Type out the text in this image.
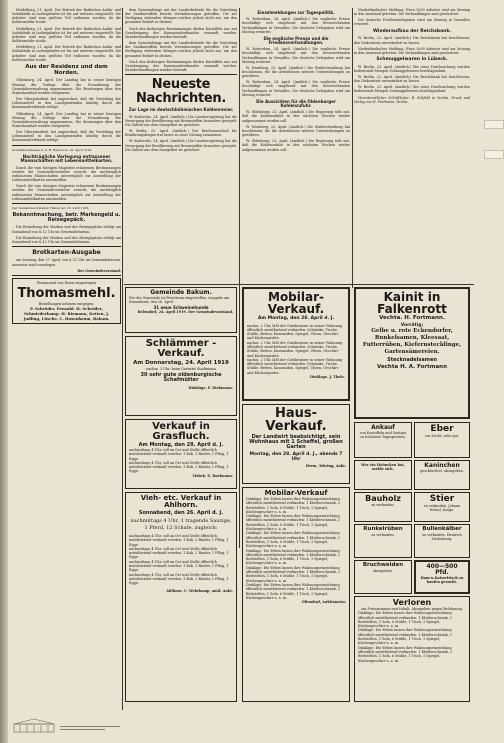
Heidelberg, 21. April. Der Betrieb der Badischen Anilin- und Sodafabrik in Ludwigshafen ist bis auf weiteres eingestellt. Die Arbeiter sind zum größten Teil entlassen worden, da die Kohlenzufuhr stockt.

Heidelberg, 21. April. Der Betrieb der Badischen Anilin- und Sodafabrik in Ludwigshafen ist bis auf weiteres eingestellt. Die Arbeiter sind zum größten Teil entlassen worden, da die Kohlenzufuhr stockt.

Heidelberg, 21. April. Der Betrieb der Badischen Anilin- und Sodafabrik in Ludwigshafen ist bis auf weiteres eingestellt. Die Arbeiter sind zum größten Teil entlassen worden, da die Kohlenzufuhr stockt.

Aus der Residenz und dem Norden.

Oldenburg, 24. April. Der Landtag hat in seiner heutigen Sitzung die Vorlage über die Neuordnung der Gemeindeverwaltung angenommen. Die Beratungen über den Staatshaushalt werden fortgesetzt.

Der Oberpräsident hat angeordnet, daß die Verteilung der Lebensmittel in den Landgemeinden künftig durch die Kommunalverbände erfolgt.

Oldenburg, 24. April. Der Landtag hat in seiner heutigen Sitzung die Vorlage über die Neuordnung der Gemeindeverwaltung angenommen. Die Beratungen über den Staatshaushalt werden fortgesetzt.

Der Oberpräsident hat angeordnet, daß die Verteilung der Lebensmittel in den Landgemeinden künftig durch die Kommunalverbände erfolgt.

Grundsteuerkasse Z. A. B. Hannover, 16. April 1919.
Nachträgliche Verlegung entlassener Mannschaften mit Lebensmittelkarten.

Durch die vom hiesigen Magistrat erlassenen Bestimmungen werden die Gemeindevorsteher ersucht, die nachträglich entlassenen Mannschaften unverzüglich zur Ausstellung der Lebensmittelkarten anzumelden.

Durch die vom hiesigen Magistrat erlassenen Bestimmungen werden die Gemeindevorsteher ersucht, die nachträglich entlassenen Mannschaften unverzüglich zur Ausstellung der Lebensmittelkarten anzumelden.

Der Gemeindevorsteher, Hannover, 16. April 1919.
Bekanntmachung, betr. Markengeld u. Reisegepäck.

Die Einziehung der Marken und des Reisegepäcks erfolgt am Sonnabend von 8–12 Uhr im Gemeindebureau.

Die Einziehung der Marken und des Reisegepäcks erfolgt am Sonnabend von 8–12 Uhr im Gemeindebureau.

Brotkarten-Ausgabe

am Sonntag, den 27. April, von 8–12 Uhr im Gemeindebureau. Ausweise sind vorzulegen.

Der Gemeindevorstand.
Eintausend von Eisen eingetragen
Thomasmehl.
Bestellungen nehmen entgegen:
P. Schröder, Penzahl. H. Schröder, Schmiederkamp. H. Riemann, Ketten. J. Judling, Lüsche. C. Hosenbaum, Bakum.

dem Gemeindetage mit der Landesbehörde für die Verteilung der Saatkartoffeln bereits Vereinbarungen getroffen. Die zur Verfügung stehenden Mengen reichen jedoch nicht aus, um den gesamten Bedarf zu decken.

Nach den bisherigen Bestimmungen dürfen Kartoffeln nur mit Genehmigung des Kommunalverbandes versandt werden. Zuwiderhandlungen werden bestraft.

dem Gemeindetage mit der Landesbehörde für die Verteilung der Saatkartoffeln bereits Vereinbarungen getroffen. Die zur Verfügung stehenden Mengen reichen jedoch nicht aus, um den gesamten Bedarf zu decken.

Nach den bisherigen Bestimmungen dürfen Kartoffeln nur mit Genehmigung des Kommunalverbandes versandt werden. Zuwiderhandlungen werden bestraft.

Neueste Nachrichten.
Zur Lage im deutschböhmischen Kohlenrevier.

W. Karlsruhe, 24. April. (Amtlich.) Die Landesregierung hat die Versorgung der Bevölkerung mit Brennstoffen besonders geregelt. Die Zufuhr aus dem Saargebiet ist gesichert.

W. Berlin, 25. April. (Amtlich.) Der Reichsausschuß für Ernährungsfragen trat heute zu einer Sitzung zusammen.

W. Karlsruhe, 24. April. (Amtlich.) Die Landesregierung hat die Versorgung der Bevölkerung mit Brennstoffen besonders geregelt. Die Zufuhr aus dem Saargebiet ist gesichert.

Einzelmeldungen zur Tagespolitik.

W. Rotterdam, 24. April. (Amtlich.) Die englische Presse beschäftigt sich eingehend mit den bevorstehenden Verhandlungen in Versailles. Die deutsche Delegation wird am Montag erwartet.

Die englische Presse und die Friedensverhandlungen.

W. Rotterdam, 24. April. (Amtlich.) Die englische Presse beschäftigt sich eingehend mit den bevorstehenden Verhandlungen in Versailles. Die deutsche Delegation wird am Montag erwartet.

W. Nürnberg, 23. April. (Amtlich.) Die Stadtverwaltung hat beschlossen, für die Arbeitslosen weitere Unterstützungen zu gewähren.

W. Rotterdam, 24. April. (Amtlich.) Die englische Presse beschäftigt sich eingehend mit den bevorstehenden Verhandlungen in Versailles. Die deutsche Delegation wird am Montag erwartet.

Die Aussichten für die Oldenburger Kohlenzufuhr.

W. Oldenburg, 23. April. (Amtlich.) Die Regierung teilt mit, daß die Kohlenzufuhr in den nächsten Wochen wieder aufgenommen werden soll.

W. Nürnberg, 23. April. (Amtlich.) Die Stadtverwaltung hat beschlossen, für die Arbeitslosen weitere Unterstützungen zu gewähren.

W. Oldenburg, 23. April. (Amtlich.) Die Regierung teilt mit, daß die Kohlenzufuhr in den nächsten Wochen wieder aufgenommen werden soll.

Niederländischer Meldung. Etwa 3000 Arbeiter sind am Montag in den Ausstand getreten. Die Verhandlungen sind gescheitert.

Die deutsche Friedensdelegation wird am Montag in Versailles erwartet.

Wiederaufbau der Reichsbank.

W. Berlin, 23. April. (Amtlich.) Die Reichsbank hat beschlossen, den Diskontsatz unverändert zu lassen.

Niederländischer Meldung. Etwa 3000 Arbeiter sind am Montag in den Ausstand getreten. Die Verhandlungen sind gescheitert.

Schmuggelwaren in Lübeck.

W. Berlin, 23. April. (Amtlich.) Bei einer Durchsuchung wurden bedeutende Mengen Schmuggelwaren beschlagnahmt.

W. Berlin, 23. April. (Amtlich.) Die Reichsbank hat beschlossen, den Diskontsatz unverändert zu lassen.

W. Berlin, 23. April. (Amtlich.) Bei einer Durchsuchung wurden bedeutende Mengen Schmuggelwaren beschlagnahmt.

Verantwortlicher Schriftleiter: B. Eckfeld in Vechta. Druck und Verlag von H. Fortmann, Vechta.

Gemeinde Bakum.
Für die Gemeinde ist Petroleum eingetroffen. Ausgabe am Sonnabend, den 26. April.
31 neue Schweinehunde
Belendorf, 24. April 1919. Der Gemeindevorstand.
Schlämmer - Verkauf.
Am Donnerstag, 24. April 1919
nachm. 3 Uhr, beim Gastwirt Stadtmann
30 sehr gute oldenburgische Schafmütter
Dinklage. F. Diekmann.
Verkauf in Grasfluch.
Am Montag, den 28. April d. J.
nachmittags 4 Uhr, soll an Ort und Stelle öffentlich meistbietend verkauft werden: 1 Kuh, 2 Rinder, 1 Pflug, 1 Egge.
nachmittags 4 Uhr, soll an Ort und Stelle öffentlich meistbietend verkauft werden: 1 Kuh, 2 Rinder, 1 Pflug, 1 Egge.
Visbek. E. Ruelmann.
Vieh- etc. Verkauf in Ahlhorn.
Sonnabend, den 26. April d. J.
nachmittags 4 Uhr, 1 tragende Sauzige, 1 Pferd, 12 Schafe, zugleich:
nachmittags 4 Uhr, soll an Ort und Stelle öffentlich meistbietend verkauft werden: 1 Kuh, 2 Rinder, 1 Pflug, 1 Egge.
nachmittags 4 Uhr, soll an Ort und Stelle öffentlich meistbietend verkauft werden: 1 Kuh, 2 Rinder, 1 Pflug, 1 Egge.
nachmittags 4 Uhr, soll an Ort und Stelle öffentlich meistbietend verkauft werden: 1 Kuh, 2 Rinder, 1 Pflug, 1 Egge.
nachmittags 4 Uhr, soll an Ort und Stelle öffentlich meistbietend verkauft werden: 1 Kuh, 2 Rinder, 1 Pflug, 1 Egge.
Ahlhorn. C. Wehrkamp, amtl. Aukt.
Mobilar-Verkauf.
Am Montag, den 28. April d. J.
nachm. 2 Uhr, läßt der Gutsbesitzer in seiner Wohnung öffentlich meistbietend verkaufen: Schränke, Tische, Stühle, Betten, Kommoden, Spiegel, Uhren, Geschirr und Küchengeräte.
nachm. 2 Uhr, läßt der Gutsbesitzer in seiner Wohnung öffentlich meistbietend verkaufen: Schränke, Tische, Stühle, Betten, Kommoden, Spiegel, Uhren, Geschirr und Küchengeräte.
nachm. 2 Uhr, läßt der Gutsbesitzer in seiner Wohnung öffentlich meistbietend verkaufen: Schränke, Tische, Stühle, Betten, Kommoden, Spiegel, Uhren, Geschirr und Küchengeräte.
Dinklage. J. Thole.
Haus-Verkauf.
Der Landwirt beabsichtigt, sein Wohnhaus mit 1 Scheffel, großen Garten
Montag, den 28. April d. J., abends 7 Uhr
Herm. Tebring, Aukt.
Mobilar-Verkauf
Dinklage. Die Erben lassen ihre Wohnungseinrichtung öffentlich meistbietend verkaufen: 1 Kleiderschrank, 2 Bettstellen, 1 Sofa, 6 Stühle, 1 Tisch, 1 Spiegel, Küchengeschirr u. a. m.
Dinklage. Die Erben lassen ihre Wohnungseinrichtung öffentlich meistbietend verkaufen: 1 Kleiderschrank, 2 Bettstellen, 1 Sofa, 6 Stühle, 1 Tisch, 1 Spiegel, Küchengeschirr u. a. m.
Dinklage. Die Erben lassen ihre Wohnungseinrichtung öffentlich meistbietend verkaufen: 1 Kleiderschrank, 2 Bettstellen, 1 Sofa, 6 Stühle, 1 Tisch, 1 Spiegel, Küchengeschirr u. a. m.
Dinklage. Die Erben lassen ihre Wohnungseinrichtung öffentlich meistbietend verkaufen: 1 Kleiderschrank, 2 Bettstellen, 1 Sofa, 6 Stühle, 1 Tisch, 1 Spiegel, Küchengeschirr u. a. m.
Dinklage. Die Erben lassen ihre Wohnungseinrichtung öffentlich meistbietend verkaufen: 1 Kleiderschrank, 2 Bettstellen, 1 Sofa, 6 Stühle, 1 Tisch, 1 Spiegel, Küchengeschirr u. a. m.
Dinklage. Die Erben lassen ihre Wohnungseinrichtung öffentlich meistbietend verkaufen: 1 Kleiderschrank, 2 Bettstellen, 1 Sofa, 6 Stühle, 1 Tisch, 1 Spiegel, Küchengeschirr u. a. m.
Oltendorf, Auktionator.
Kainit in Falkenrott
Vechta. H. Fortmann.
Vorrätig:
Gelbe u. rote Eckendorfer, Runkelsamen, Kleesaat, Futterrüben, Kiefernstecklinge, Gartensämereien.
Stecknadelsamen
Vechta H. A. Fortmann
Ankauf
von Kartoffeln und Saatgut zu höchsten Tagespreisen.
Eber
zur Zucht, sehr gut.
Wer ein Heimchen hat, melde sich.
Kaninchen
geschlachtet, abzugeben.
Bauholz
zu verkaufen.
Stier
zu verkaufen. Johann Weisel, Kroge.
Runkelrüben
zu verkaufen.
Bullenkälber
zu verkaufen. Heinrich Siedenburg.
Bruchweiden
abzugeben.
400—500 Pfd.
Ham-u.Kaiserfrisch zu kaufen gesucht.
Verloren
ein Portemonnaie mit Inhalt. Abzugeben gegen Belohnung.
Dinklage. Die Erben lassen ihre Wohnungseinrichtung öffentlich meistbietend verkaufen: 1 Kleiderschrank, 2 Bettstellen, 1 Sofa, 6 Stühle, 1 Tisch, 1 Spiegel, Küchengeschirr u. a. m.
Dinklage. Die Erben lassen ihre Wohnungseinrichtung öffentlich meistbietend verkaufen: 1 Kleiderschrank, 2 Bettstellen, 1 Sofa, 6 Stühle, 1 Tisch, 1 Spiegel, Küchengeschirr u. a. m.
Dinklage. Die Erben lassen ihre Wohnungseinrichtung öffentlich meistbietend verkaufen: 1 Kleiderschrank, 2 Bettstellen, 1 Sofa, 6 Stühle, 1 Tisch, 1 Spiegel, Küchengeschirr u. a. m.
